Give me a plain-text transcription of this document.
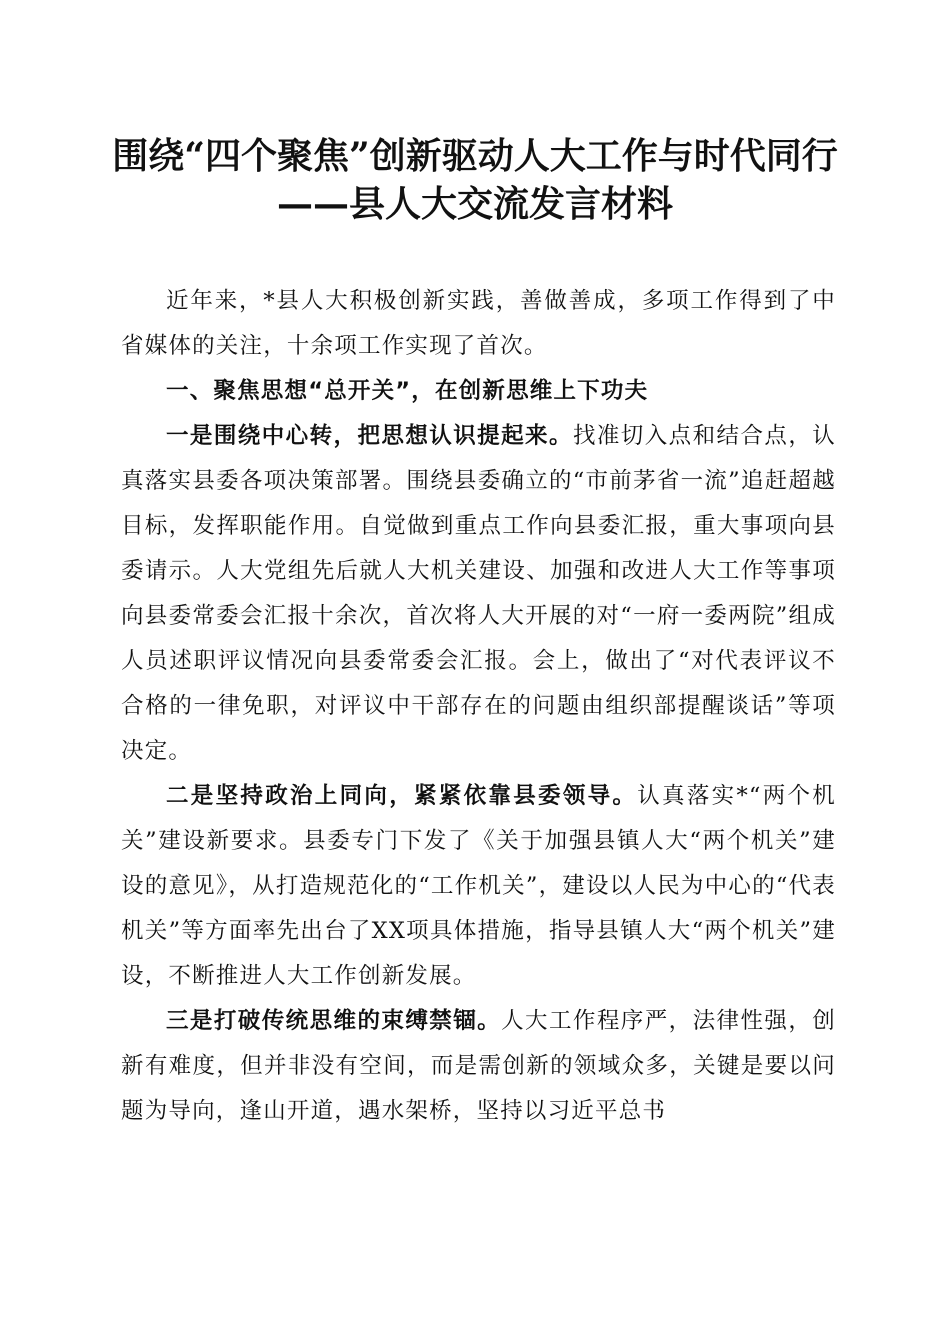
围绕“四个聚焦”创新驱动人大工作与时代同行——县人大交流发言材料

近年来，*县人大积极创新实践，善做善成，多项工作得到了中省媒体的关注，十余项工作实现了首次。

一、聚焦思想“总开关”，在创新思维上下功夫

一是围绕中心转，把思想认识提起来。找准切入点和结合点，认真落实县委各项决策部署。围绕县委确立的“市前茅省一流”追赶超越目标，发挥职能作用。自觉做到重点工作向县委汇报，重大事项向县委请示。人大党组先后就人大机关建设、加强和改进人大工作等事项向县委常委会汇报十余次，首次将人大开展的对“一府一委两院”组成人员述职评议情况向县委常委会汇报。会上，做出了“对代表评议不合格的一律免职，对评议中干部存在的问题由组织部提醒谈话”等项决定。

二是坚持政治上同向，紧紧依靠县委领导。认真落实*“两个机关”建设新要求。县委专门下发了《关于加强县镇人大“两个机关”建设的意见》，从打造规范化的“工作机关”，建设以人民为中心的“代表机关”等方面率先出台了XX项具体措施，指导县镇人大“两个机关”建设，不断推进人大工作创新发展。

三是打破传统思维的束缚禁锢。人大工作程序严，法律性强，创新有难度，但并非没有空间，而是需创新的领域众多，关键是要以问题为导向，逢山开道，遇水架桥，坚持以习近平总书
